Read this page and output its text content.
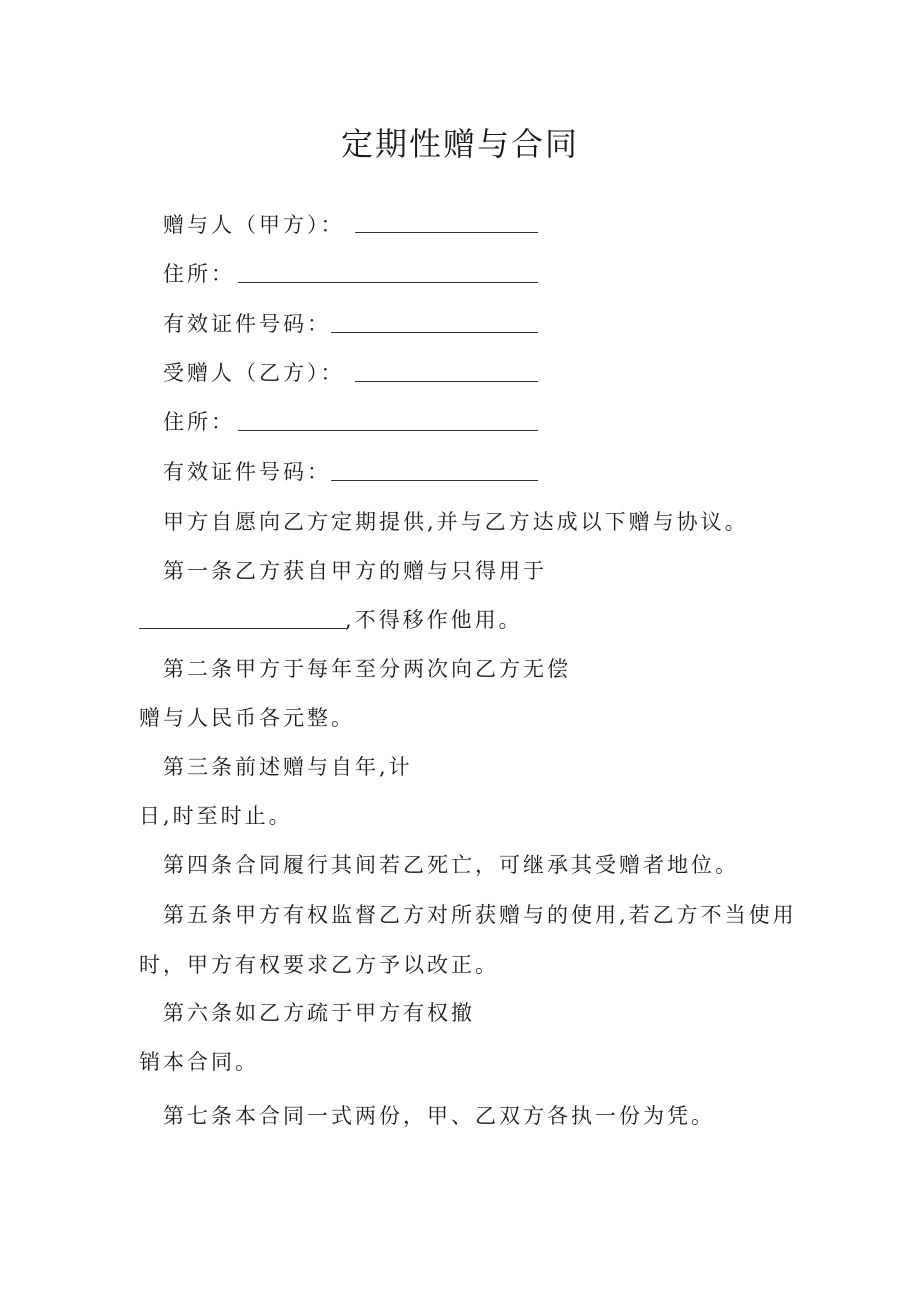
定期性赠与合同
赠与人（甲方）：
住所：
有效证件号码：
受赠人（乙方）：
住所：
有效证件号码：
甲方自愿向乙方定期提供,并与乙方达成以下赠与协议。
第一条乙方获自甲方的赠与只得用于
,不得移作他用。
第二条甲方于每年至分两次向乙方无偿
赠与人民币各元整。
第三条前述赠与自年,计
日,时至时止。
第四条合同履行其间若乙死亡，可继承其受赠者地位。
第五条甲方有权监督乙方对所获赠与的使用,若乙方不当使用
时，甲方有权要求乙方予以改正。
第六条如乙方疏于甲方有权撤
销本合同。
第七条本合同一式两份，甲、乙双方各执一份为凭。
